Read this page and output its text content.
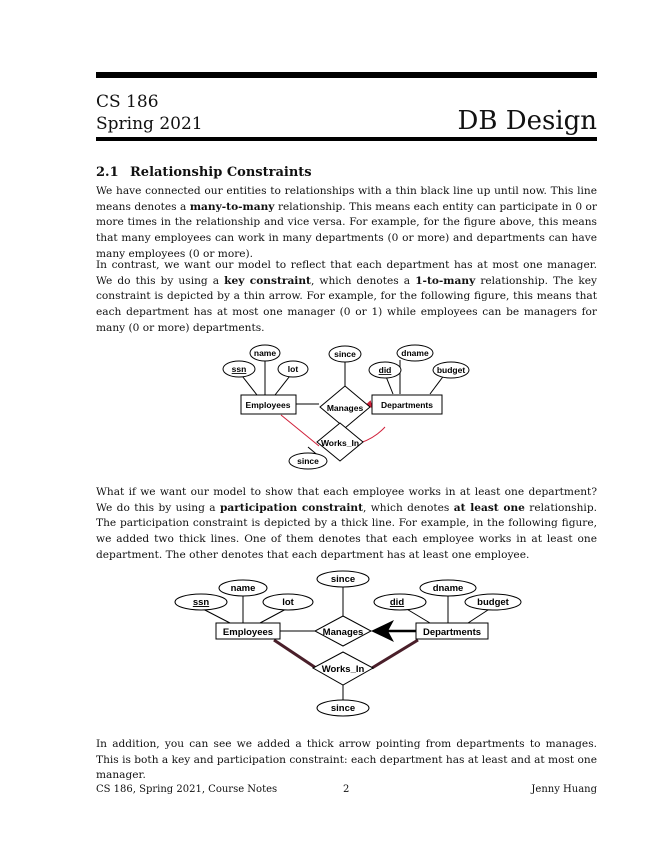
CS 186
Spring 2021	DB Design
2.1 Relationship Constraints
We have connected our entities to relationships with a thin black line up until now. This line means denotes a many-to-many relationship. This means each entity can participate in 0 or more times in the relationship and vice versa. For example, for the figure above, this means that many employees can work in many departments (0 or more) and departments can have many employees (0 or more).
In contrast, we want our model to reflect that each department has at most one manager. We do this by using a key constraint, which denotes a 1-to-many relationship. The key constraint is depicted by a thin arrow. For example, for the following figure, this means that each department has at most one manager (0 or 1) while employees can be managers for many (0 or more) departments.
name
ssn	lot
since	dname
did	budget
Employees	Departments
Manages
Works_In
since
What if we want our model to show that each employee works in at least one department? We do this by using a participation constraint, which denotes at least one relationship. The participation constraint is depicted by a thick line. For example, in the following figure, we added two thick lines. One of them denotes that each employee works in at least one department. The other denotes that each department has at least one employee.
name
ssn	lot
since
dname
did	budget
Employees	Departments
Manages
Works_In
since
In addition, you can see we added a thick arrow pointing from departments to manages. This is both a key and participation constraint: each department has at least and at most one manager.
CS 186, Spring 2021, Course Notes	2	Jenny Huang
